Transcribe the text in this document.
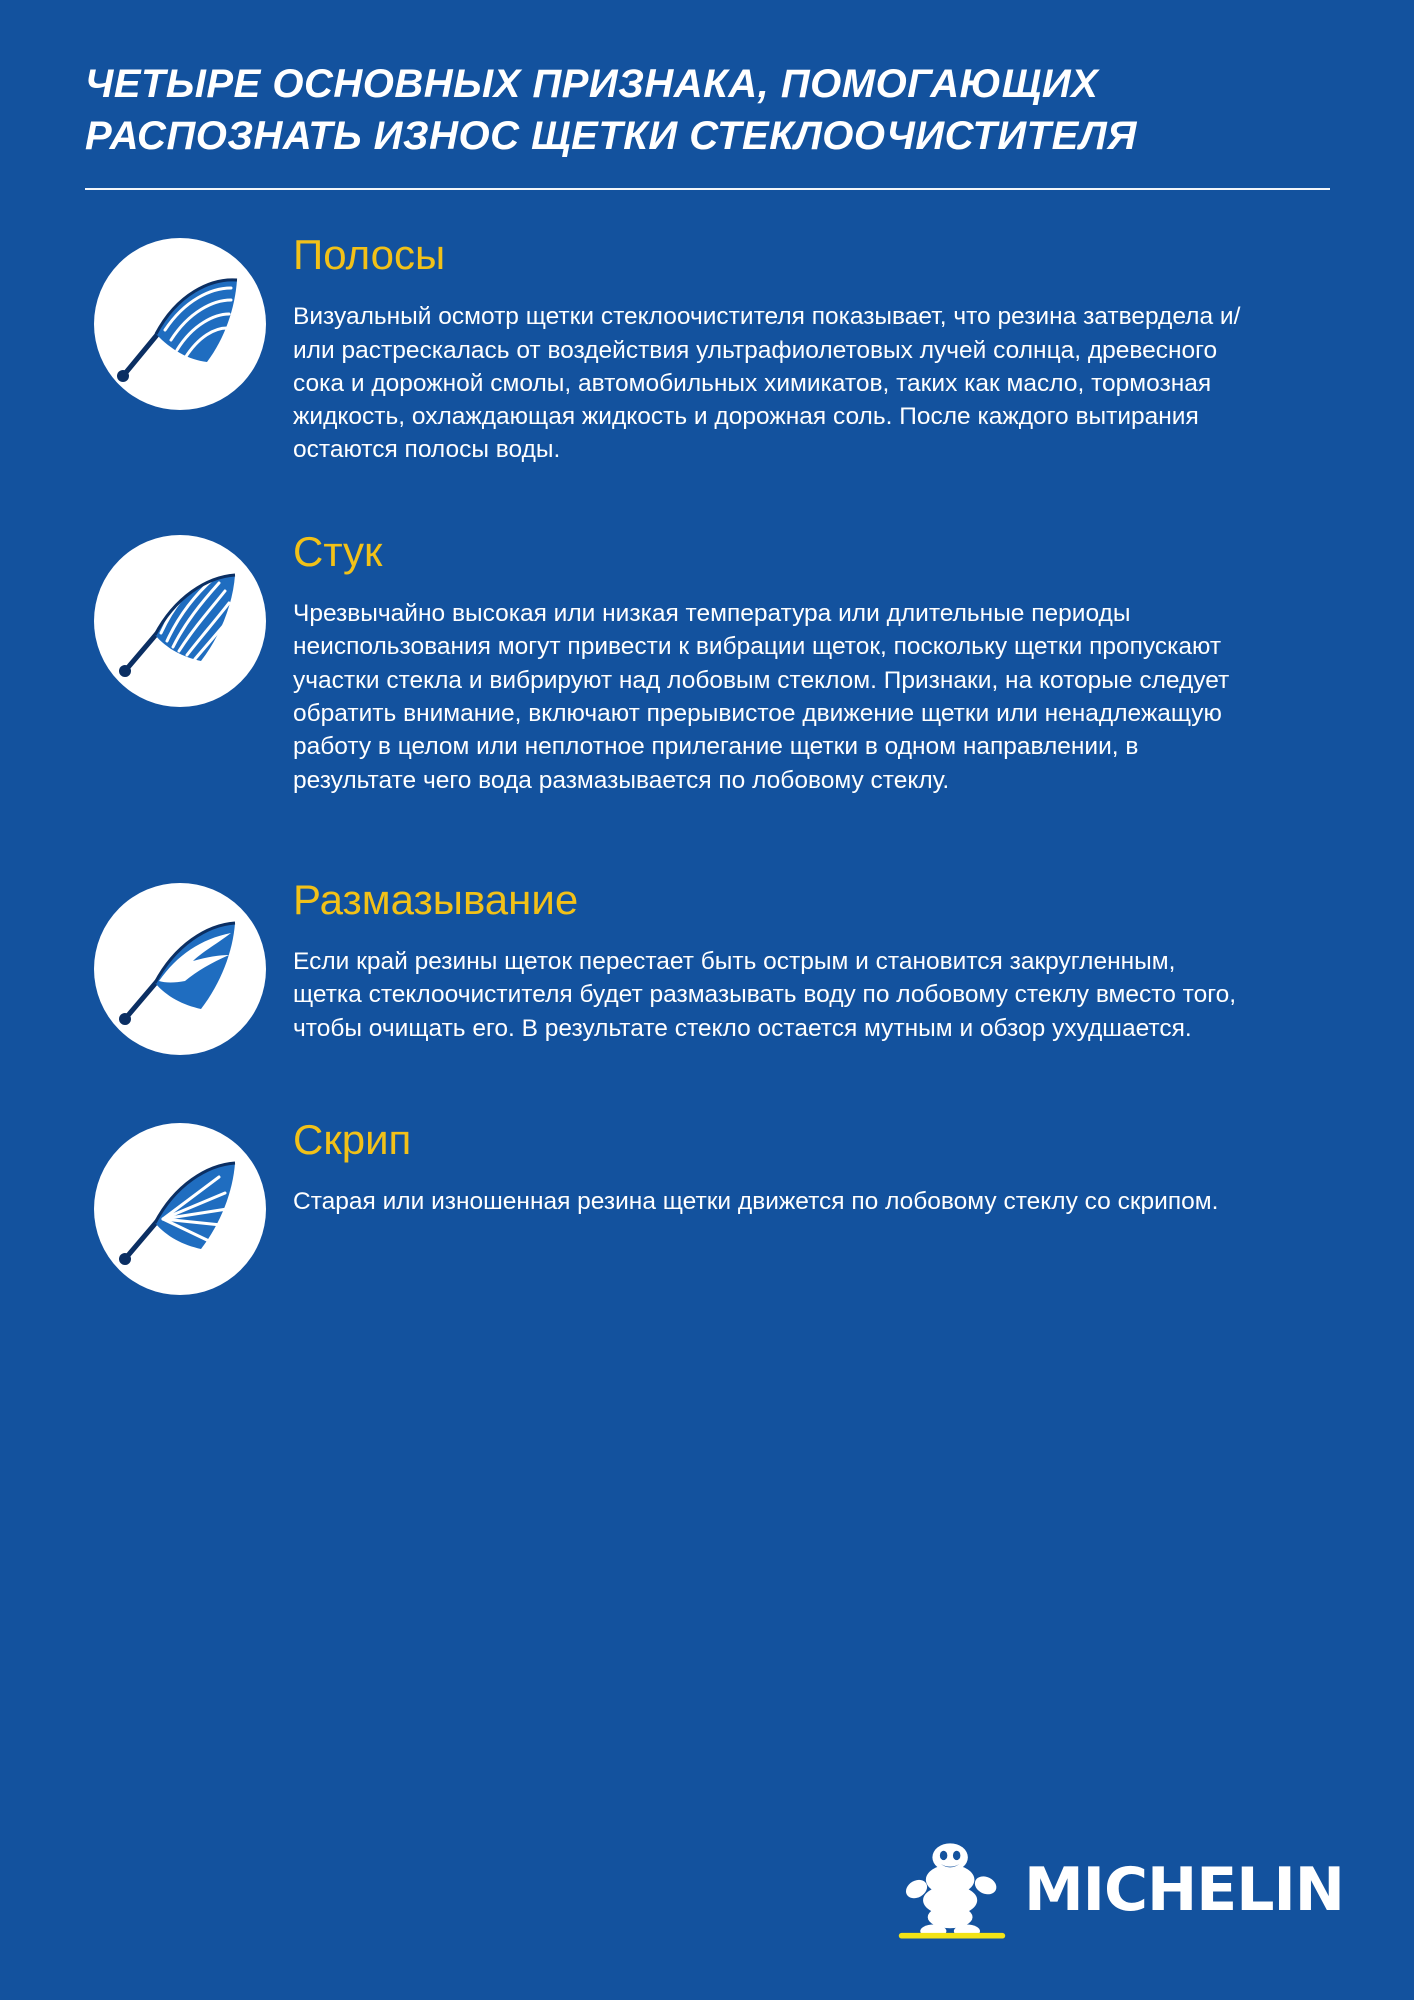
ЧЕТЫРЕ ОСНОВНЫХ ПРИЗНАКА, ПОМОГАЮЩИХ РАСПОЗНАТЬ ИЗНОС ЩЕТКИ СТЕКЛООЧИСТИТЕЛЯ
Полосы

Визуальный осмотр щетки стеклоочистителя показывает, что резина затвердела и/или растрескалась от воздействия ультрафиолетовых лучей солнца, древесного сока и дорожной смолы, автомобильных химикатов, таких как масло, тормозная жидкость, охлаждающая жидкость и дорожная соль. После каждого вытирания остаются полосы воды.

Стук

Чрезвычайно высокая или низкая температура или длительные периоды неиспользования могут привести к вибрации щеток, поскольку щетки пропускают участки стекла и вибрируют над лобовым стеклом. Признаки, на которые следует обратить внимание, включают прерывистое движение щетки или ненадлежащую работу в целом или неплотное прилегание щетки в одном направлении, в результате чего вода размазывается по лобовому стеклу.

Размазывание

Если край резины щеток перестает быть острым и становится закругленным, щетка стеклоочистителя будет размазывать воду по лобовому стеклу вместо того, чтобы очищать его. В результате стекло остается мутным и обзор ухудшается.

Скрип

Старая или изношенная резина щетки движется по лобовому стеклу со скрипом.

MICHELIN
